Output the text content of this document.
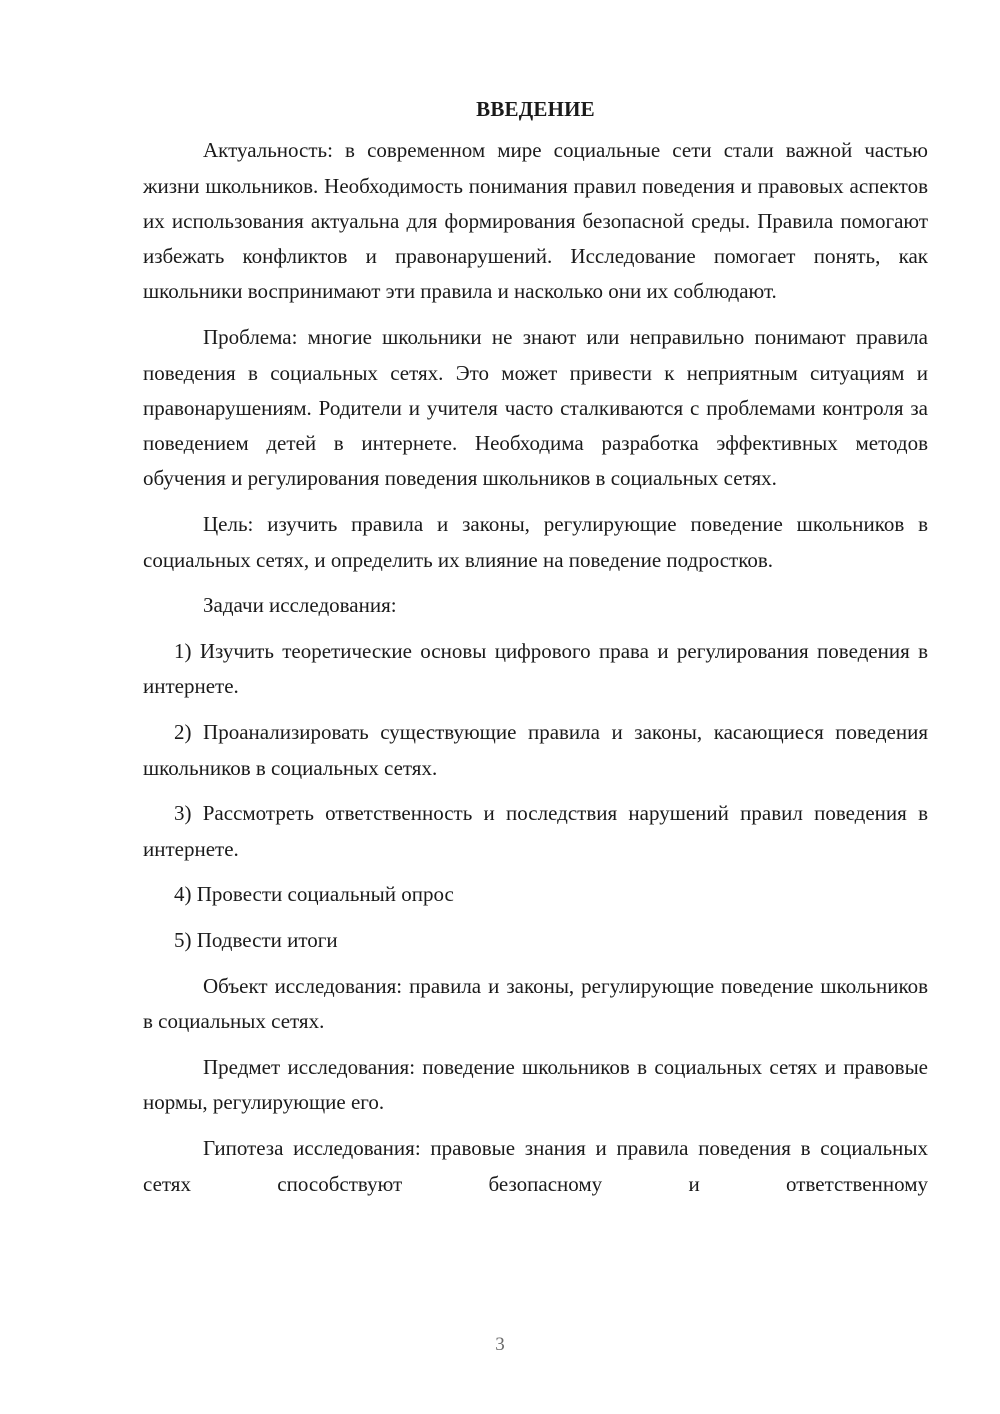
ВВЕДЕНИЕ

Актуальность: в современном мире социальные сети стали важной частью жизни школьников. Необходимость понимания правил поведения и правовых аспектов их использования актуальна для формирования безопасной среды. Правила помогают избежать конфликтов и правонарушений. Исследование помогает понять, как школьники воспринимают эти правила и насколько они их соблюдают.

Проблема: многие школьники не знают или неправильно понимают правила поведения в социальных сетях. Это может привести к неприятным ситуациям и правонарушениям. Родители и учителя часто сталкиваются с проблемами контроля за поведением детей в интернете. Необходима разработка эффективных методов обучения и регулирования поведения школьников в социальных сетях.

Цель: изучить правила и законы, регулирующие поведение школьников в социальных сетях, и определить их влияние на поведение подростков.

Задачи исследования:

1) Изучить теоретические основы цифрового права и регулирования поведения в интернете.

2) Проанализировать существующие правила и законы, касающиеся поведения школьников в социальных сетях.

3) Рассмотреть ответственность и последствия нарушений правил поведения в интернете.

4) Провести социальный опрос

5) Подвести итоги

Объект исследования: правила и законы, регулирующие поведение школьников в социальных сетях.

Предмет исследования: поведение школьников в социальных сетях и правовые нормы, регулирующие его.

Гипотеза исследования: правовые знания и правила поведения в социальных сетях способствуют безопасному и ответственному

3
